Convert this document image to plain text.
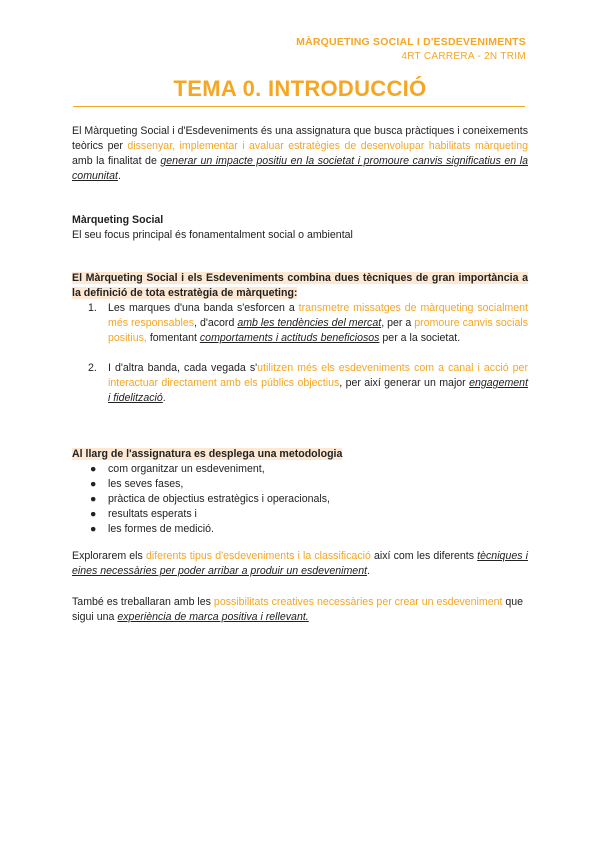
MÀRQUETING SOCIAL I D'ESDEVENIMENTS
4RT CARRERA - 2N TRIM
TEMA 0. INTRODUCCIÓ
El Màrqueting Social i d'Esdeveniments és una assignatura que busca pràctiques i coneixements teòrics per dissenyar, implementar i avaluar estratègies de desenvolupar habilitats màrqueting amb la finalitat de generar un impacte positiu en la societat i promoure canvis significatius en la comunitat.
Màrqueting Social
El seu focus principal és fonamentalment social o ambiental
El Màrqueting Social i els Esdeveniments combina dues tècniques de gran importància a la definició de tota estratègia de màrqueting:
1. Les marques d'una banda s'esforcen a transmetre missatges de màrqueting socialment més responsables, d'acord amb les tendències del mercat, per a promoure canvis socials positius, fomentant comportaments i actituds beneficiosos per a la societat.
2. I d'altra banda, cada vegada s'utilitzen més els esdeveniments com a canal i acció per interactuar directament amb els públics objectius, per així generar un major engagement i fidelització.
Al llarg de l'assignatura es desplega una metodologia
● com organitzar un esdeveniment,
● les seves fases,
● pràctica de objectius estratègics i operacionals,
● resultats esperats i
● les formes de medició.
Explorarem els diferents tipus d'esdeveniments i la classificació així com les diferents tècniques i eines necessàries per poder arribar a produir un esdeveniment.
També es treballaran amb les possibilitats creatives necessàries per crear un esdeveniment que sigui una experiència de marca positiva i rellevant.
